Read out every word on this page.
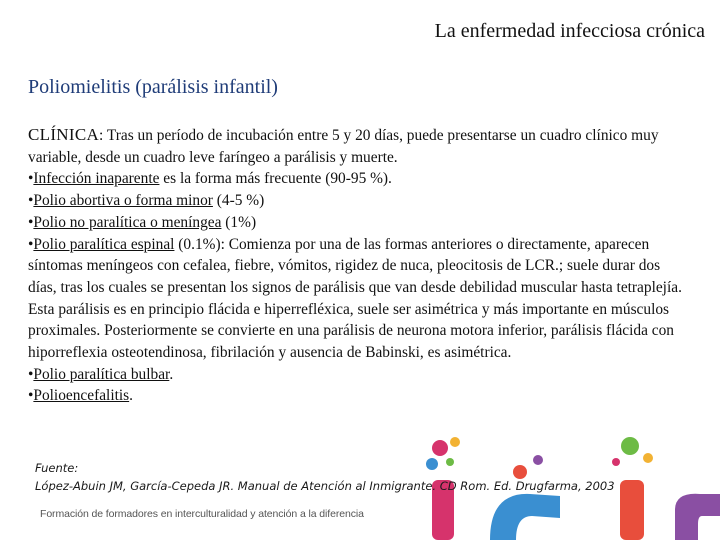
La enfermedad infecciosa crónica
Poliomielitis (parálisis infantil)

CLÍNICA: Tras un período de incubación entre 5 y 20 días, puede presentarse un cuadro clínico muy variable, desde un cuadro leve faríngeo a parálisis y muerte.

•Infección inaparente es la forma más frecuente (90-95 %).

•Polio abortiva o forma minor (4-5 %)

•Polio no paralítica o meníngea (1%)

•Polio paralítica espinal (0.1%): Comienza por una de las formas anteriores o directamente, aparecen síntomas meníngeos con cefalea, fiebre, vómitos, rigidez de nuca, pleocitosis de LCR.; suele durar dos días, tras los cuales se presentan los signos de parálisis que van desde debilidad muscular hasta tetraplejía. Esta parálisis es en principio flácida e hiperrefléxica, suele ser asimétrica y más importante en músculos proximales. Posteriormente se convierte en una parálisis de neurona motora inferior, parálisis flácida con hiporreflexia osteotendinosa, fibrilación y ausencia de Babinski, es asimétrica.

•Polio paralítica bulbar.

•Polioencefalitis.

Fuente:
López-Abuin JM, García-Cepeda JR. Manual de Atención al Inmigrante. CD Rom. Ed. Drugfarma, 2003
Formación de formadores en interculturalidad y atención a la diferencia
